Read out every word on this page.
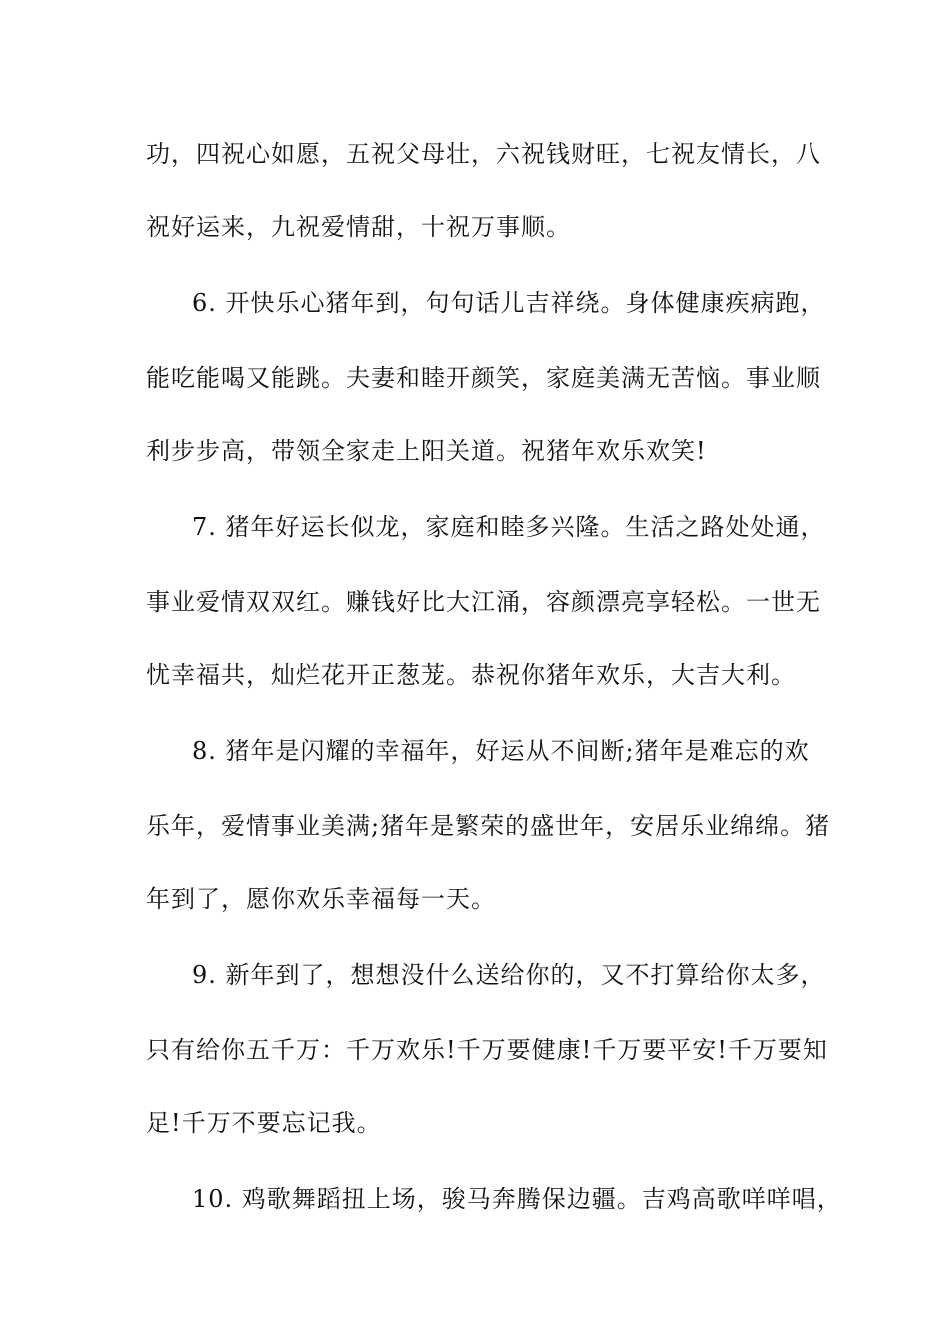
功，四祝心如愿，五祝父母壮，六祝钱财旺，七祝友情长，八
祝好运来，九祝爱情甜，十祝万事顺。
6. 开快乐心猪年到，句句话儿吉祥绕。身体健康疾病跑，
能吃能喝又能跳。夫妻和睦开颜笑，家庭美满无苦恼。事业顺
利步步高，带领全家走上阳关道。祝猪年欢乐欢笑!
7. 猪年好运长似龙，家庭和睦多兴隆。生活之路处处通，
事业爱情双双红。赚钱好比大江涌，容颜漂亮享轻松。一世无
忧幸福共，灿烂花开正葱茏。恭祝你猪年欢乐，大吉大利。
8. 猪年是闪耀的幸福年，好运从不间断;猪年是难忘的欢
乐年，爱情事业美满;猪年是繁荣的盛世年，安居乐业绵绵。猪
年到了，愿你欢乐幸福每一天。
9. 新年到了，想想没什么送给你的，又不打算给你太多，
只有给你五千万：千万欢乐!千万要健康!千万要平安!千万要知
足!千万不要忘记我。
10. 鸡歌舞蹈扭上场，骏马奔腾保边疆。吉鸡高歌咩咩唱，
